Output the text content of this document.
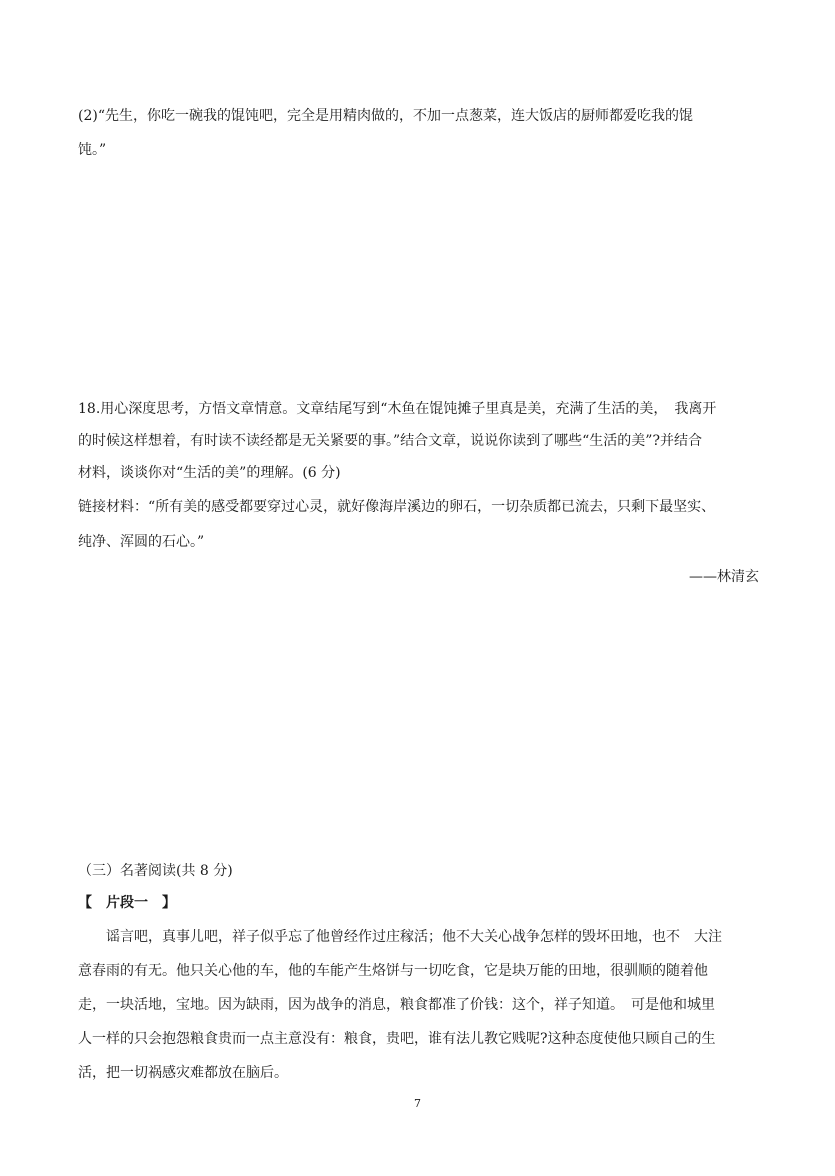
(2)“先生，你吃一碗我的馄饨吧，完全是用精肉做的，不加一点葱菜，连大饭店的厨师都爱吃我的馄
饨。”
18.用心深度思考，方悟文章情意。文章结尾写到“木鱼在馄饨摊子里真是美，充满了生活的美，　我离开
的时候这样想着，有时读不读经都是无关紧要的事。”结合文章，说说你读到了哪些“生活的美”?并结合
材料，谈谈你对“生活的美”的理解。(6 分)
链接材料：“所有美的感受都要穿过心灵，就好像海岸溪边的卵石，一切杂质都已流去，只剩下最坚实、
纯净、浑圆的石心。”
——林清玄
（三）名著阅读(共 8 分)
【　片段一　】
谣言吧，真事儿吧，祥子似乎忘了他曾经作过庄稼活；他不大关心战争怎样的毁坏田地，也不　大注
意春雨的有无。他只关心他的车，他的车能产生烙饼与一切吃食，它是块万能的田地，很驯顺的随着他
走，一块活地，宝地。因为缺雨，因为战争的消息，粮食都准了价钱：这个，祥子知道。　可是他和城里
人一样的只会抱怨粮食贵而一点主意没有：粮食，贵吧，谁有法儿教它贱呢?这种态度使他只顾自己的生
活，把一切祸感灾难都放在脑后。
7
